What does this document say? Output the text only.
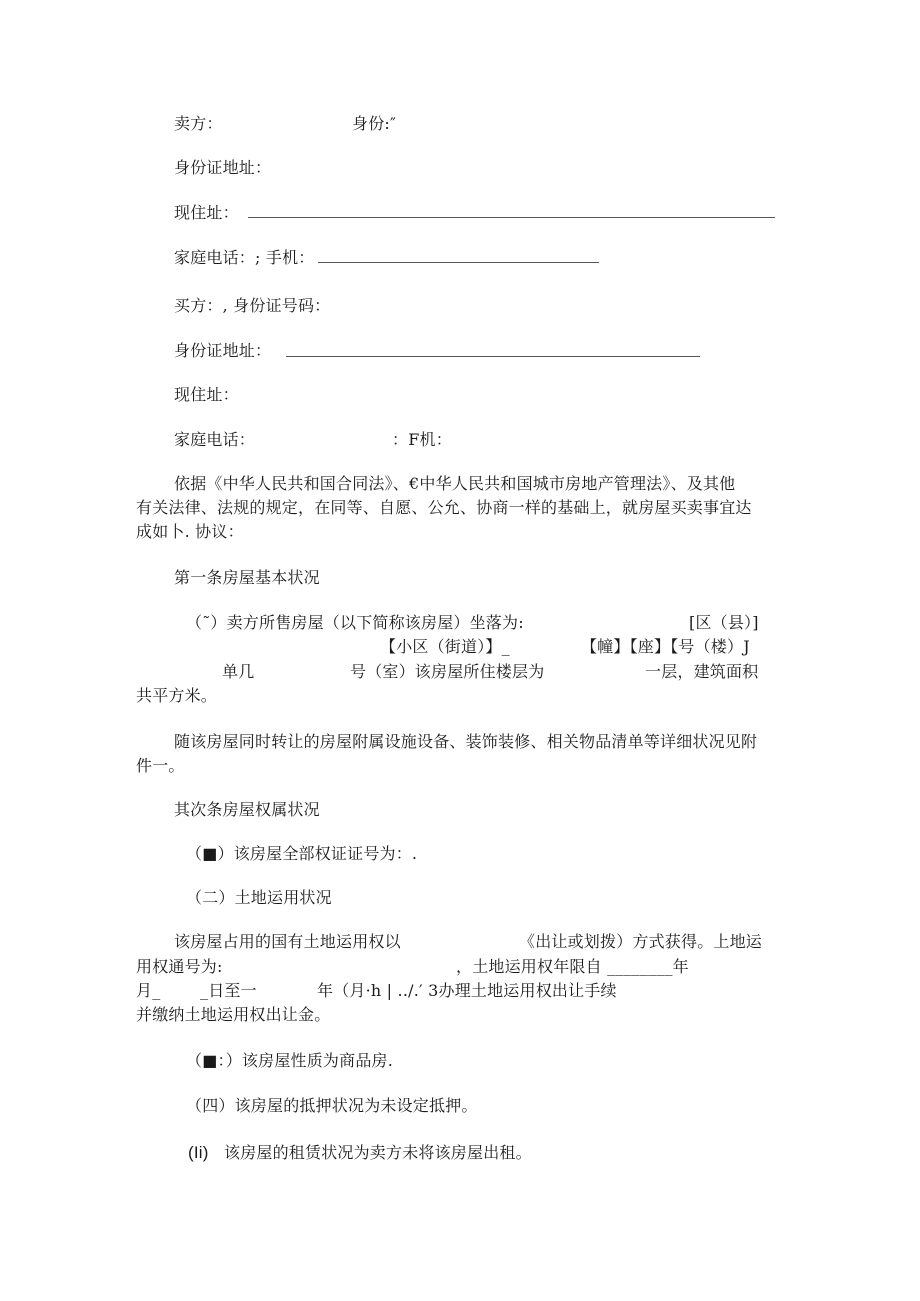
卖方：	身份:″
身份证地址：
现住址：
家庭电话：; 手机：
买方：, 身份证号码：
身份证地址：
现住址：
家庭电话：	：F机：
依据《中华人民共和国合同法》、€中华人民共和国城市房地产管理法》、及其他
有关法律、法规的规定，在同等、自愿、公允、协商一样的基础上，就房屋买卖事宜达
成如卜. 协议：
第一条房屋基本状况
（˜）卖方所售房屋（以下简称该房屋）坐落为:	[区（县）]
【小区（街道）】_	【幢】【座】【号（楼）J
单几	号（室）该房屋所住楼层为	一层，建筑面积
共平方米。
随该房屋同时转让的房屋附属设施设备、装饰装修、相关物品清单等详细状况见附
件一。
其次条房屋权属状况
（■）该房屋全部权证证号为：.
（二）土地运用状况
该房屋占用的国有土地运用权以	《出让或划拨）方式获得。上地运
用权通号为:	，土地运用权年限自 ________年
月_ _日至一	年（月·h | ../.′ 3办理土地运用权出让手续
并缴纳土地运用权出让金。
（■：）该房屋性质为商品房.
（四）该房屋的抵押状况为未设定抵押。
(Ii) 该房屋的租赁状况为卖方未将该房屋出租。
